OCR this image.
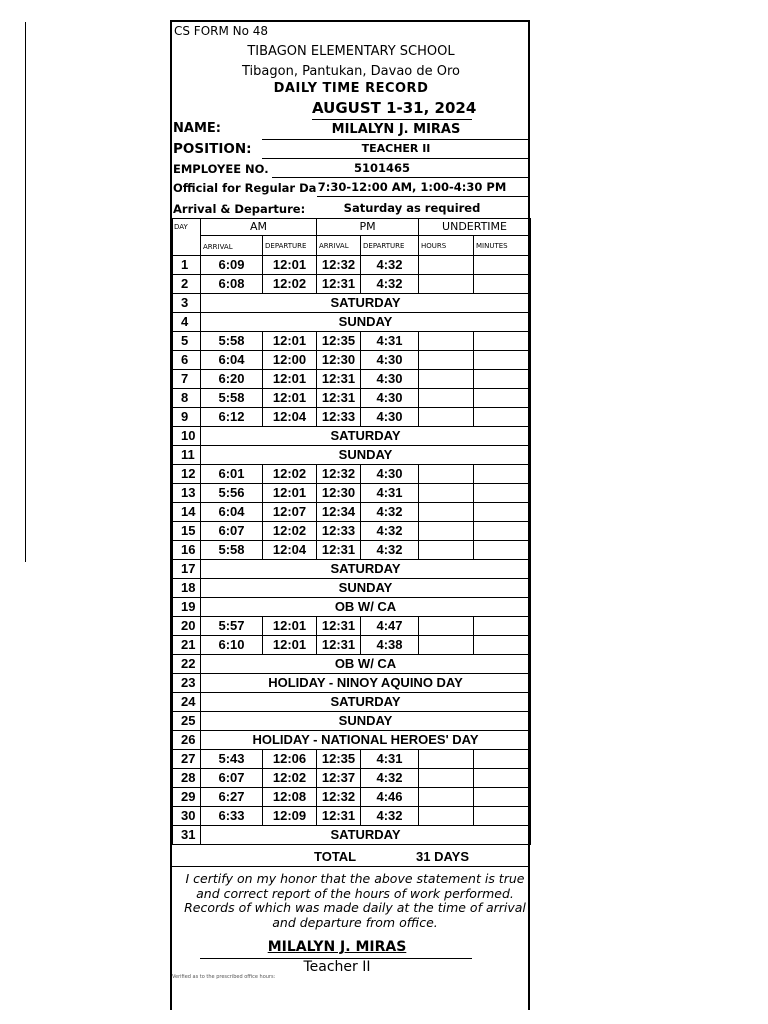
CS FORM No 48
TIBAGON ELEMENTARY SCHOOL
Tibagon, Pantukan, Davao de Oro
DAILY TIME RECORD
AUGUST 1-31, 2024
NAME:	MILALYN J. MIRAS
POSITION:	TEACHER II
EMPLOYEE NO.	5101465
Official for Regular Da 7:30-12:00 AM, 1:00-4:30 PM
Arrival & Departure:	Saturday as required
DAY	AM		PM		UNDERTIME	
	ARRIVAL	DEPARTURE	ARRIVAL	DEPARTURE	HOURS	MINUTES
1	6:09	12:01	12:32	4:32		
2	6:08	12:02	12:31	4:32		
3	SATURDAY					
4	SUNDAY					
5	5:58	12:01	12:35	4:31		
6	6:04	12:00	12:30	4:30		
7	6:20	12:01	12:31	4:30		
8	5:58	12:01	12:31	4:30		
9	6:12	12:04	12:33	4:30		
10	SATURDAY					
11	SUNDAY					
12	6:01	12:02	12:32	4:30		
13	5:56	12:01	12:30	4:31		
14	6:04	12:07	12:34	4:32		
15	6:07	12:02	12:33	4:32		
16	5:58	12:04	12:31	4:32		
17	SATURDAY					
18	SUNDAY					
19	OB W/ CA					
20	5:57	12:01	12:31	4:47		
21	6:10	12:01	12:31	4:38		
22	OB W/ CA					
23	HOLIDAY - NINOY AQUINO DAY					
24	SATURDAY					
25	SUNDAY					
26	HOLIDAY - NATIONAL HEROES' DAY					
27	5:43	12:06	12:35	4:31		
28	6:07	12:02	12:37	4:32		
29	6:27	12:08	12:32	4:46		
30	6:33	12:09	12:31	4:32		
31	SATURDAY					
TOTAL	31 DAYS
I certify on my honor that the above statement is true and correct report of the hours of work performed. Records of which was made daily at the time of arrival and departure from office.
MILALYN J. MIRAS
Teacher II
Verified as to the prescribed office hours:
